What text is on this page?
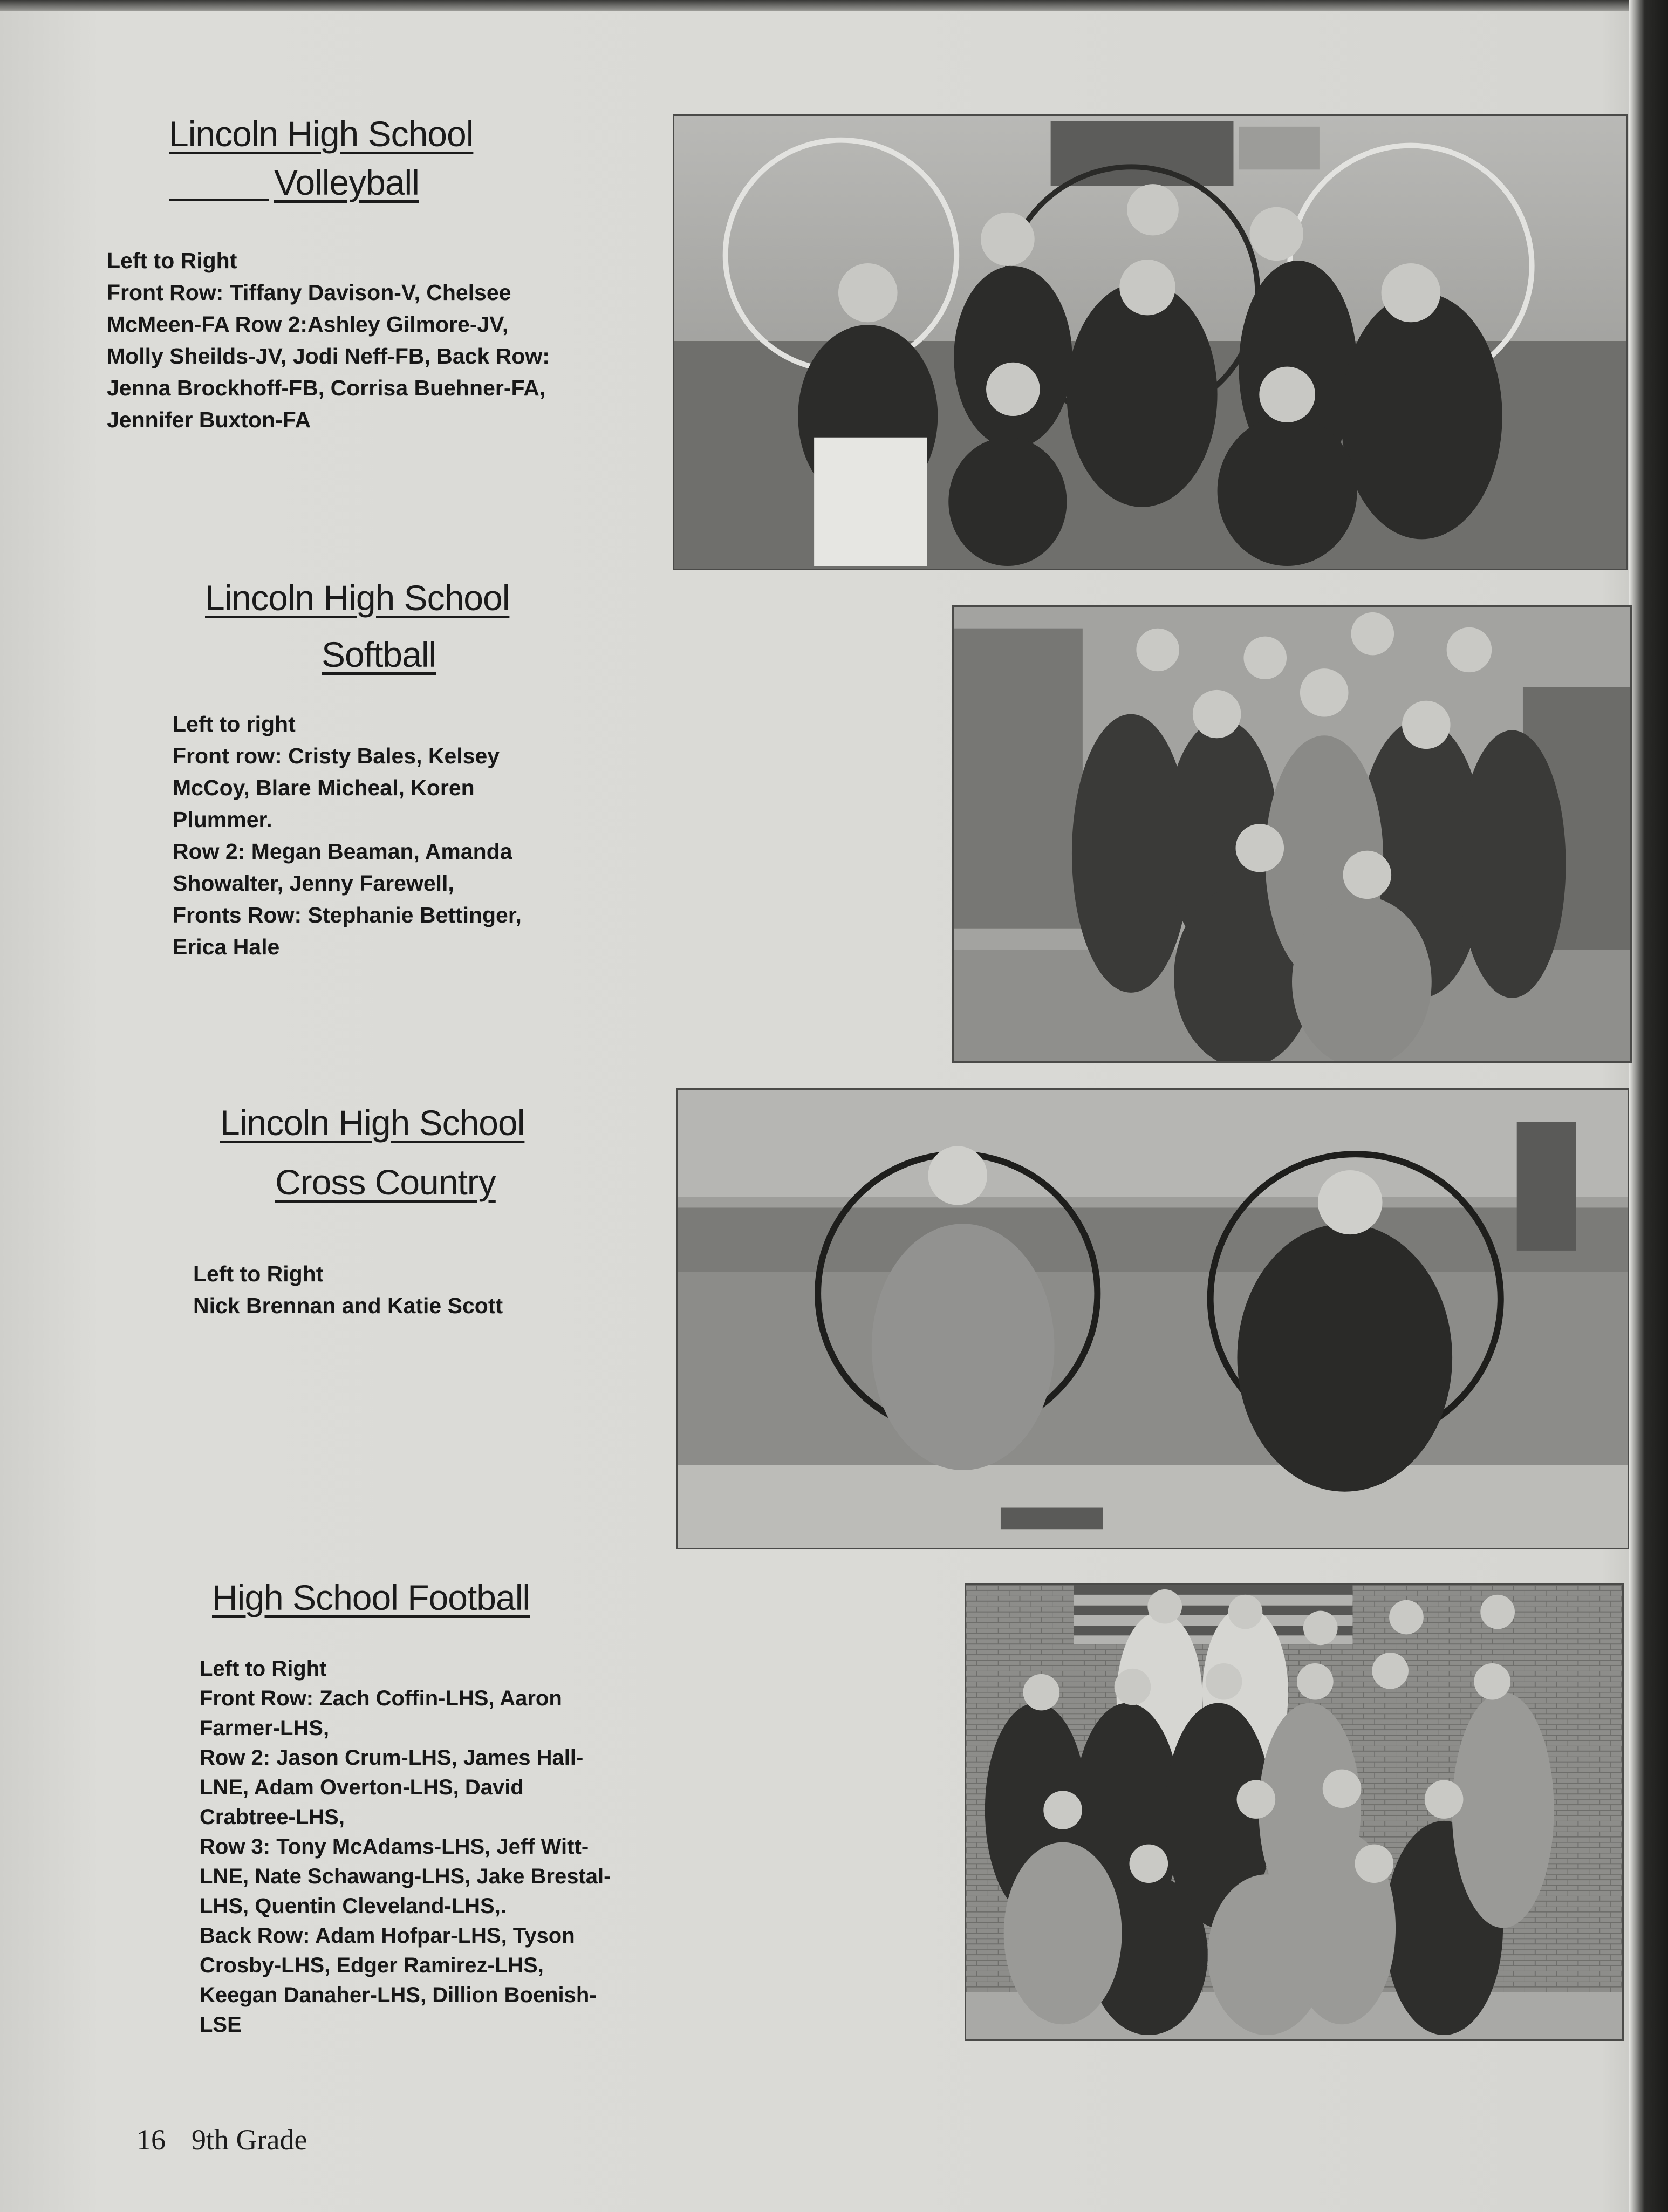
Lincoln High School
Volleyball
Left to Right
Front Row: Tiffany Davison-V, Chelsee
McMeen-FA Row 2:Ashley Gilmore-JV,
Molly Sheilds-JV, Jodi Neff-FB, Back Row:
Jenna Brockhoff-FB, Corrisa Buehner-FA,
Jennifer Buxton-FA
Lincoln High School
Softball
Left to right
Front row: Cristy Bales, Kelsey
McCoy, Blare Micheal, Koren
Plummer.
Row 2: Megan Beaman, Amanda
Showalter, Jenny Farewell,
Fronts Row: Stephanie Bettinger,
Erica Hale
Lincoln High School
Cross Country
Left to Right
Nick Brennan and Katie Scott
High School Football
Left to Right
Front Row: Zach Coffin-LHS, Aaron
Farmer-LHS,
Row 2: Jason Crum-LHS, James Hall-
LNE, Adam Overton-LHS, David
Crabtree-LHS,
Row 3: Tony McAdams-LHS, Jeff Witt-
LNE, Nate Schawang-LHS, Jake Brestal-
LHS, Quentin Cleveland-LHS,.
Back Row: Adam Hofpar-LHS, Tyson
Crosby-LHS, Edger Ramirez-LHS,
Keegan Danaher-LHS, Dillion Boenish-
LSE
16 9th Grade
